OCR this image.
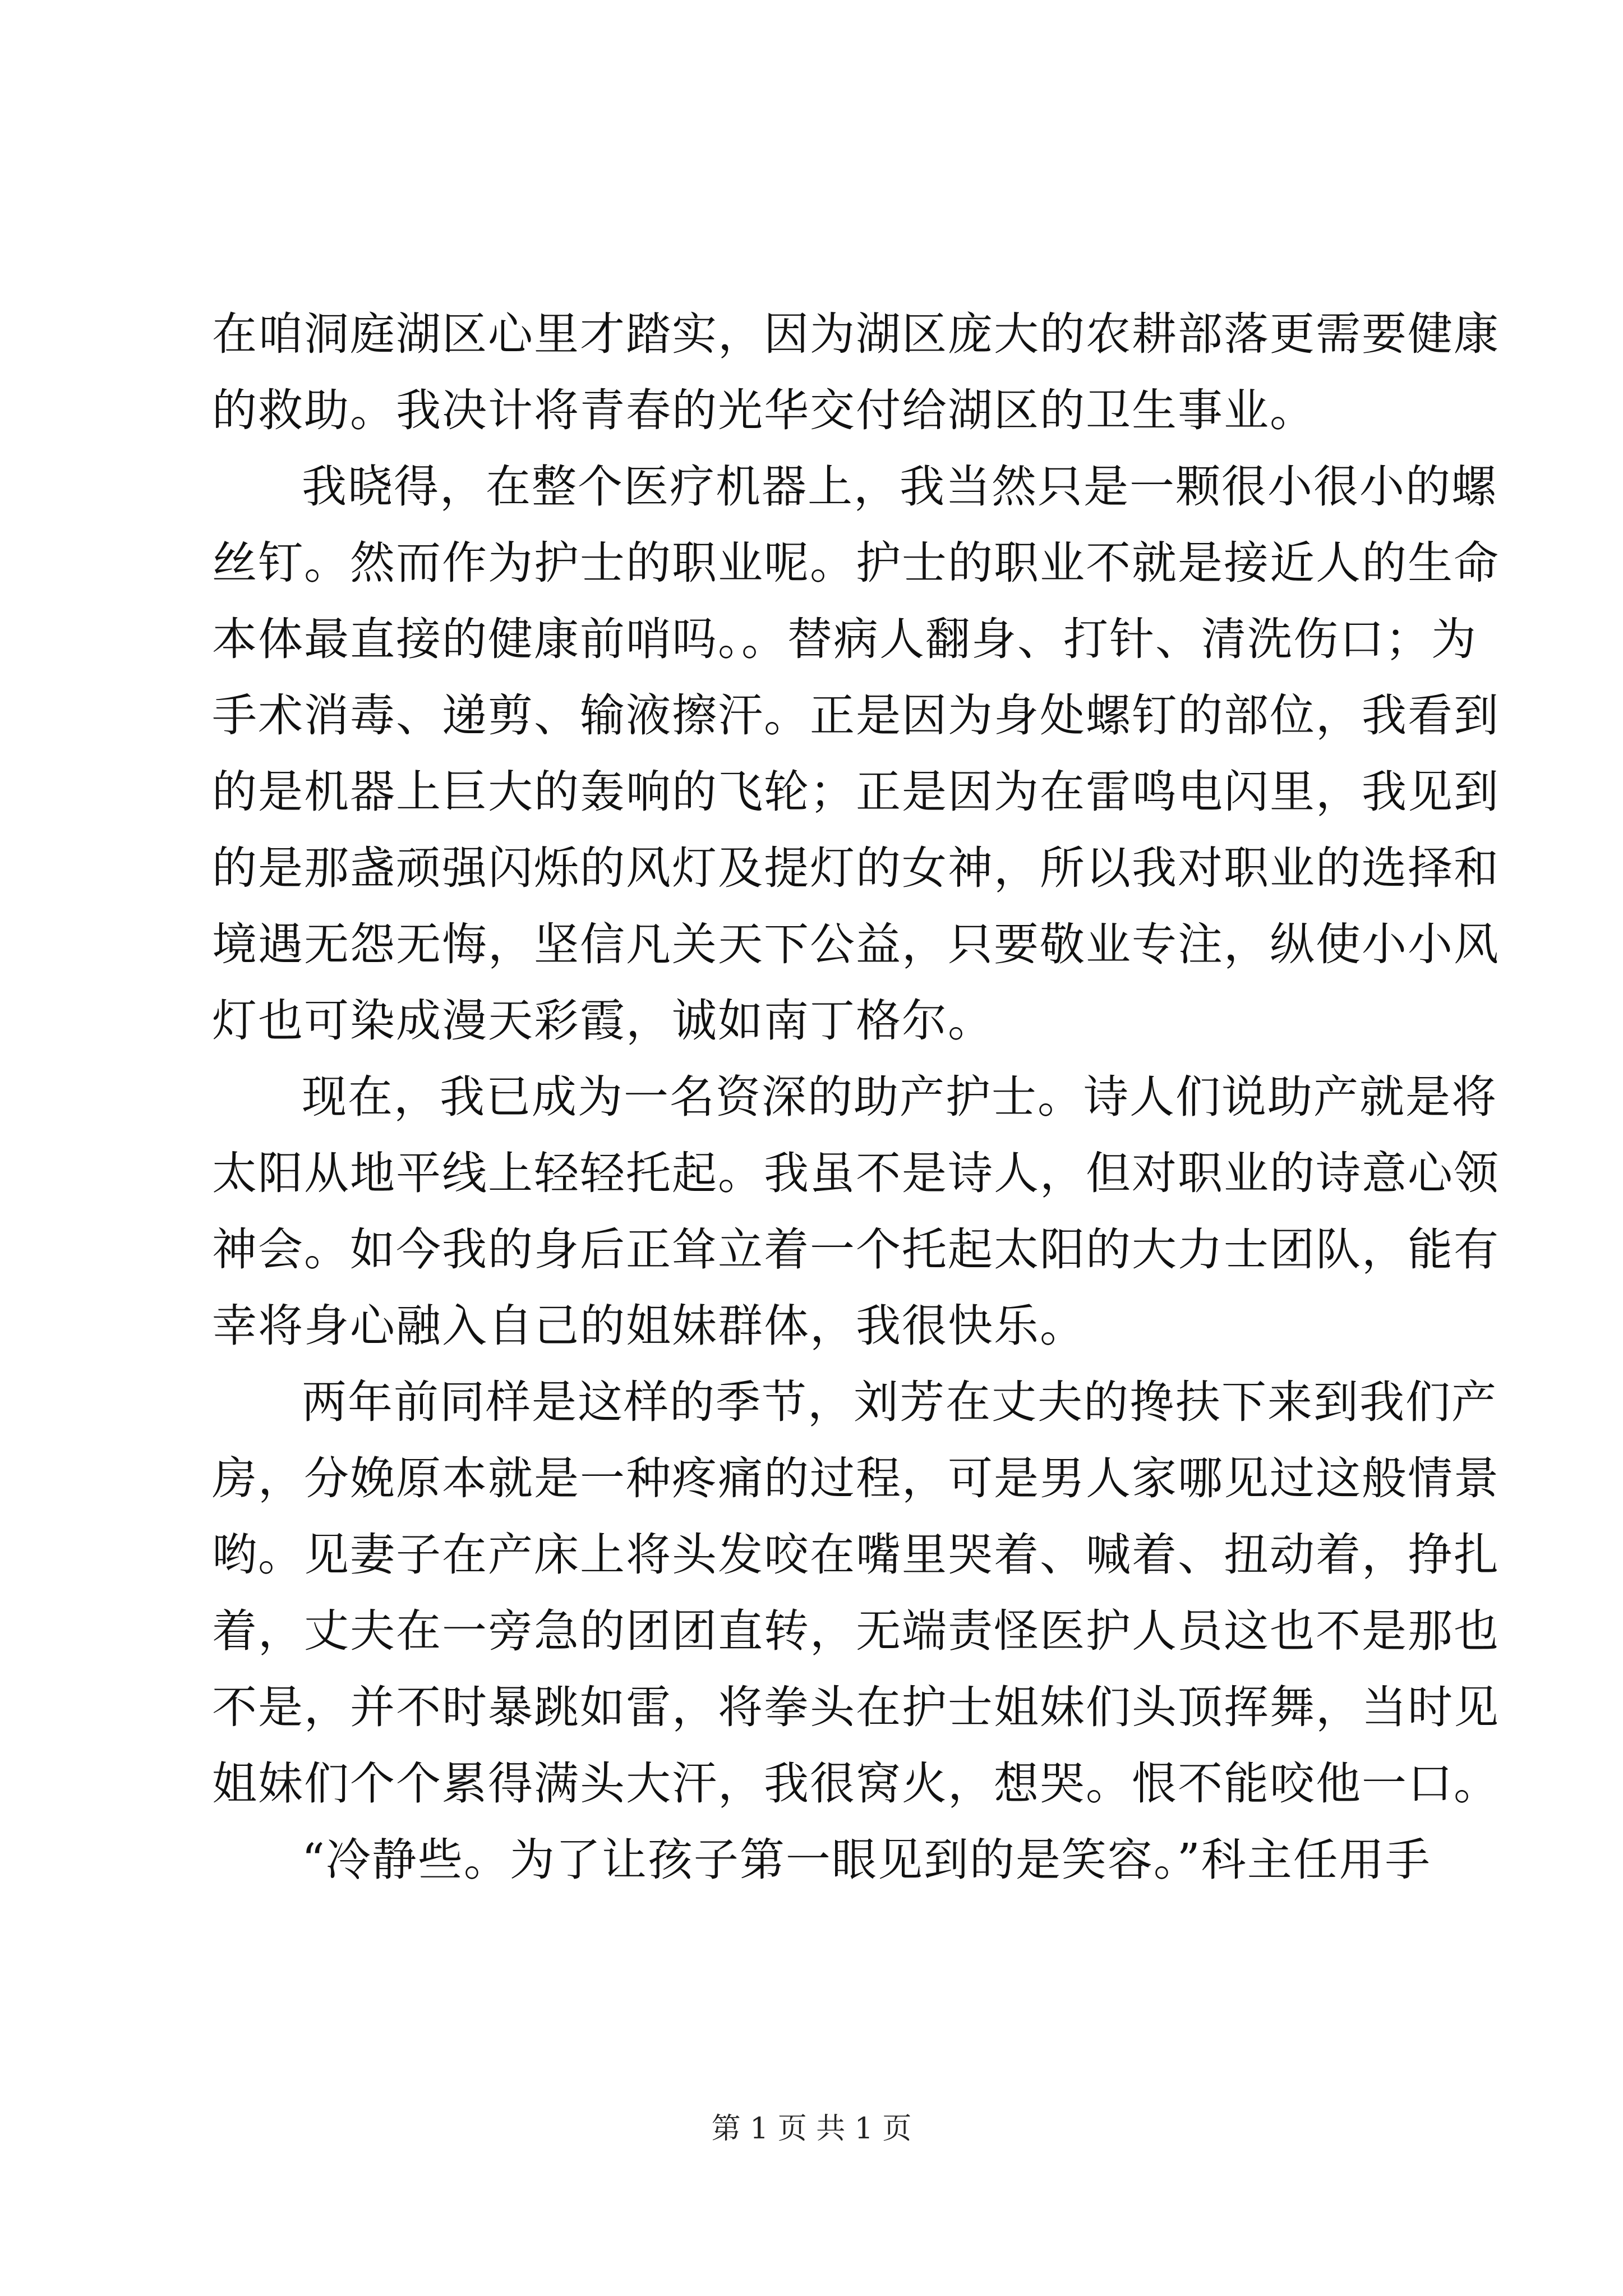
在咱洞庭湖区心里才踏实，因为湖区庞大的农耕部落更需要健康
的救助。我决计将青春的光华交付给湖区的卫生事业。
我晓得，在整个医疗机器上，我当然只是一颗很小很小的螺
丝钉。然而作为护士的职业呢。护士的职业不就是接近人的生命
本体最直接的健康前哨吗。。替病人翻身、打针、清洗伤口；为
手术消毒、递剪、输液擦汗。正是因为身处螺钉的部位，我看到
的是机器上巨大的轰响的飞轮；正是因为在雷鸣电闪里，我见到
的是那盏顽强闪烁的风灯及提灯的女神，所以我对职业的选择和
境遇无怨无悔，坚信凡关天下公益，只要敬业专注，纵使小小风
灯也可染成漫天彩霞，诚如南丁格尔。
现在，我已成为一名资深的助产护士。诗人们说助产就是将
太阳从地平线上轻轻托起。我虽不是诗人，但对职业的诗意心领
神会。如今我的身后正耸立着一个托起太阳的大力士团队，能有
幸将身心融入自己的姐妹群体，我很快乐。
两年前同样是这样的季节，刘芳在丈夫的搀扶下来到我们产
房，分娩原本就是一种疼痛的过程，可是男人家哪见过这般情景
哟。见妻子在产床上将头发咬在嘴里哭着、喊着、扭动着，挣扎
着，丈夫在一旁急的团团直转，无端责怪医护人员这也不是那也
不是，并不时暴跳如雷，将拳头在护士姐妹们头顶挥舞，当时见
姐妹们个个累得满头大汗，我很窝火，想哭。恨不能咬他一口。
“冷静些。为了让孩子第一眼见到的是笑容。”科主任用手
第 1 页 共 1 页
